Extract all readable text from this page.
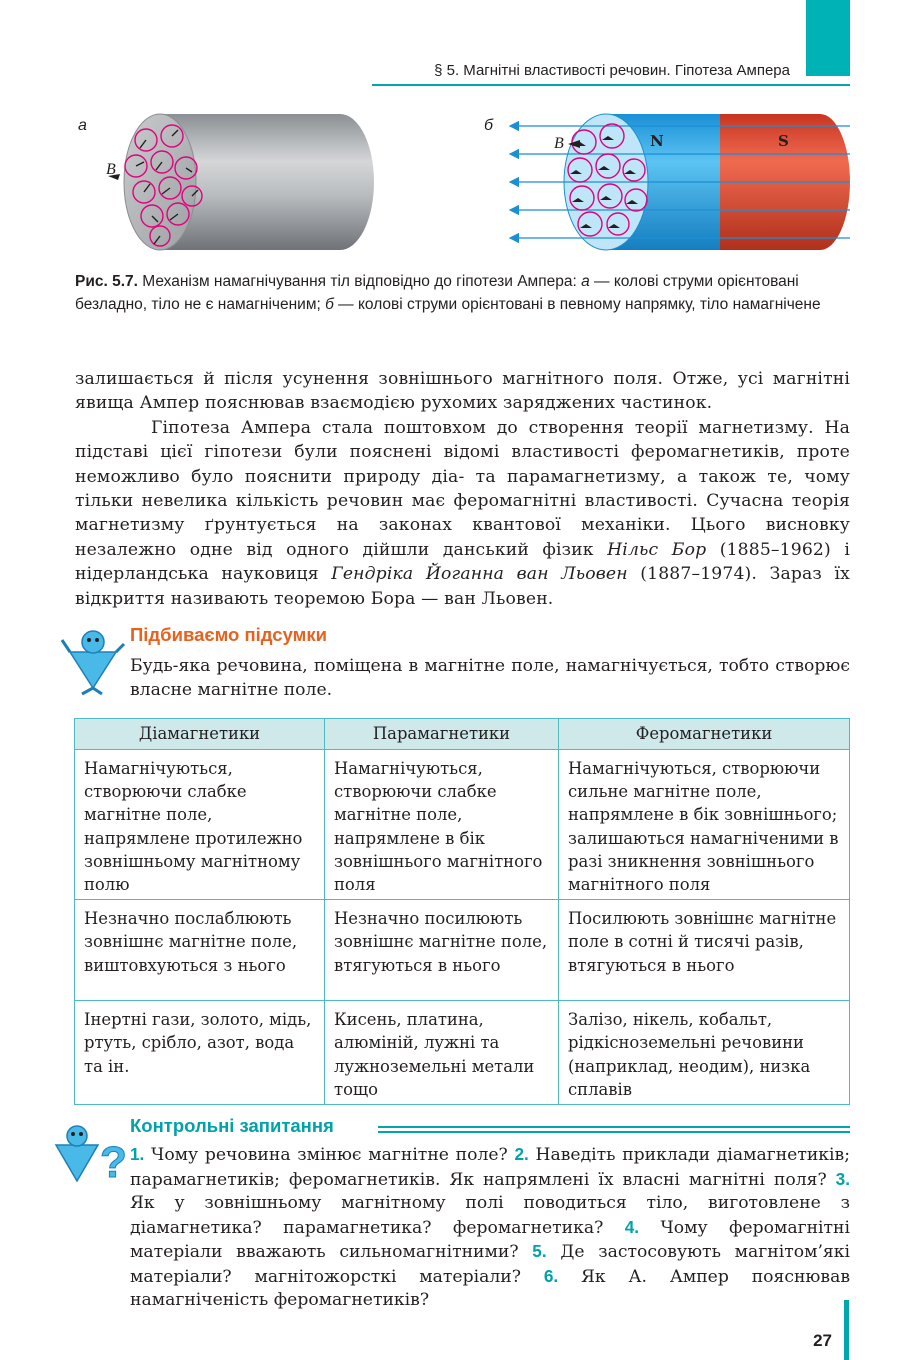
§ 5. Магнітні властивості речовин. Гіпотеза Ампера
а
B
б
N	S
B
Рис. 5.7. Механізм намагнічування тіл відповідно до гіпотези Ампера: а — колові струми орієнтовані безладно, тіло не є намагніченим; б — колові струми орієнтовані в певному напрямку, тіло намагнічене

залишається й після усунення зовнішнього магнітного поля. Отже, усі магнітні явища Ампер пояснював взаємодією рухомих заряджених частинок.

Гіпотеза Ампера стала поштовхом до створення теорії магнетизму. На підставі цієї гіпотези були пояснені відомі властивості феромагнетиків, проте неможливо було пояснити природу діа- та парамагнетизму, а також те, чому тільки невелика кількість речовин має феромагнітні властивості. Сучасна теорія магнетизму ґрунтується на законах квантової механіки. Цього висновку незалежно одне від одного дійшли данський фізик Нільс Бор (1885–1962) і нідерландська науковиця Гендріка Йоганна ван Льовен (1887–1974). Зараз їх відкриття називають теоремою Бора — ван Льовен.

Підбиваємо підсумки
Будь-яка речовина, поміщена в магнітне поле, намагнічується, тобто створює власне магнітне поле.
Діамагнетики	Парамагнетики	Феромагнетики
Намагнічуються, створюючи слабке магнітне поле, напрямлене протилежно зовнішньому магнітному полю	Намагнічуються, створюючи слабке магнітне поле, напрямлене в бік зовнішнього магнітного поля	Намагнічуються, створюючи сильне магнітне поле, напрямлене в бік зовнішнього; залишаються намагніченими в разі зникнення зовнішнього магнітного поля
Незначно послаблюють зовнішнє магнітне поле, виштовхуються з нього	Незначно посилюють зовнішнє магнітне поле, втягуються в нього	Посилюють зовнішнє магнітне поле в сотні й тисячі разів, втягуються в нього
Інертні гази, золото, мідь, ртуть, срібло, азот, вода та ін.	Кисень, платина, алюміній, лужні та лужноземельні метали тощо	Залізо, нікель, кобальт, рідкісноземельні речовини (наприклад, неодим), низка сплавів
?
Контрольні запитання
1. Чому речовина змінює магнітне поле? 2. Наведіть приклади діамагнетиків; парамагнетиків; феромагнетиків. Як напрямлені їх власні магнітні поля? 3. Як у зовнішньому магнітному полі поводиться тіло, виготовлене з діамагнетика? парамагнетика? феромагнетика? 4. Чому феромагнітні матеріали вважають сильномагнітними? 5. Де застосовують магнітом’які матеріали? магнітожорсткі матеріали? 6. Як А. Ампер пояснював намагніченість феромагнетиків?
27
